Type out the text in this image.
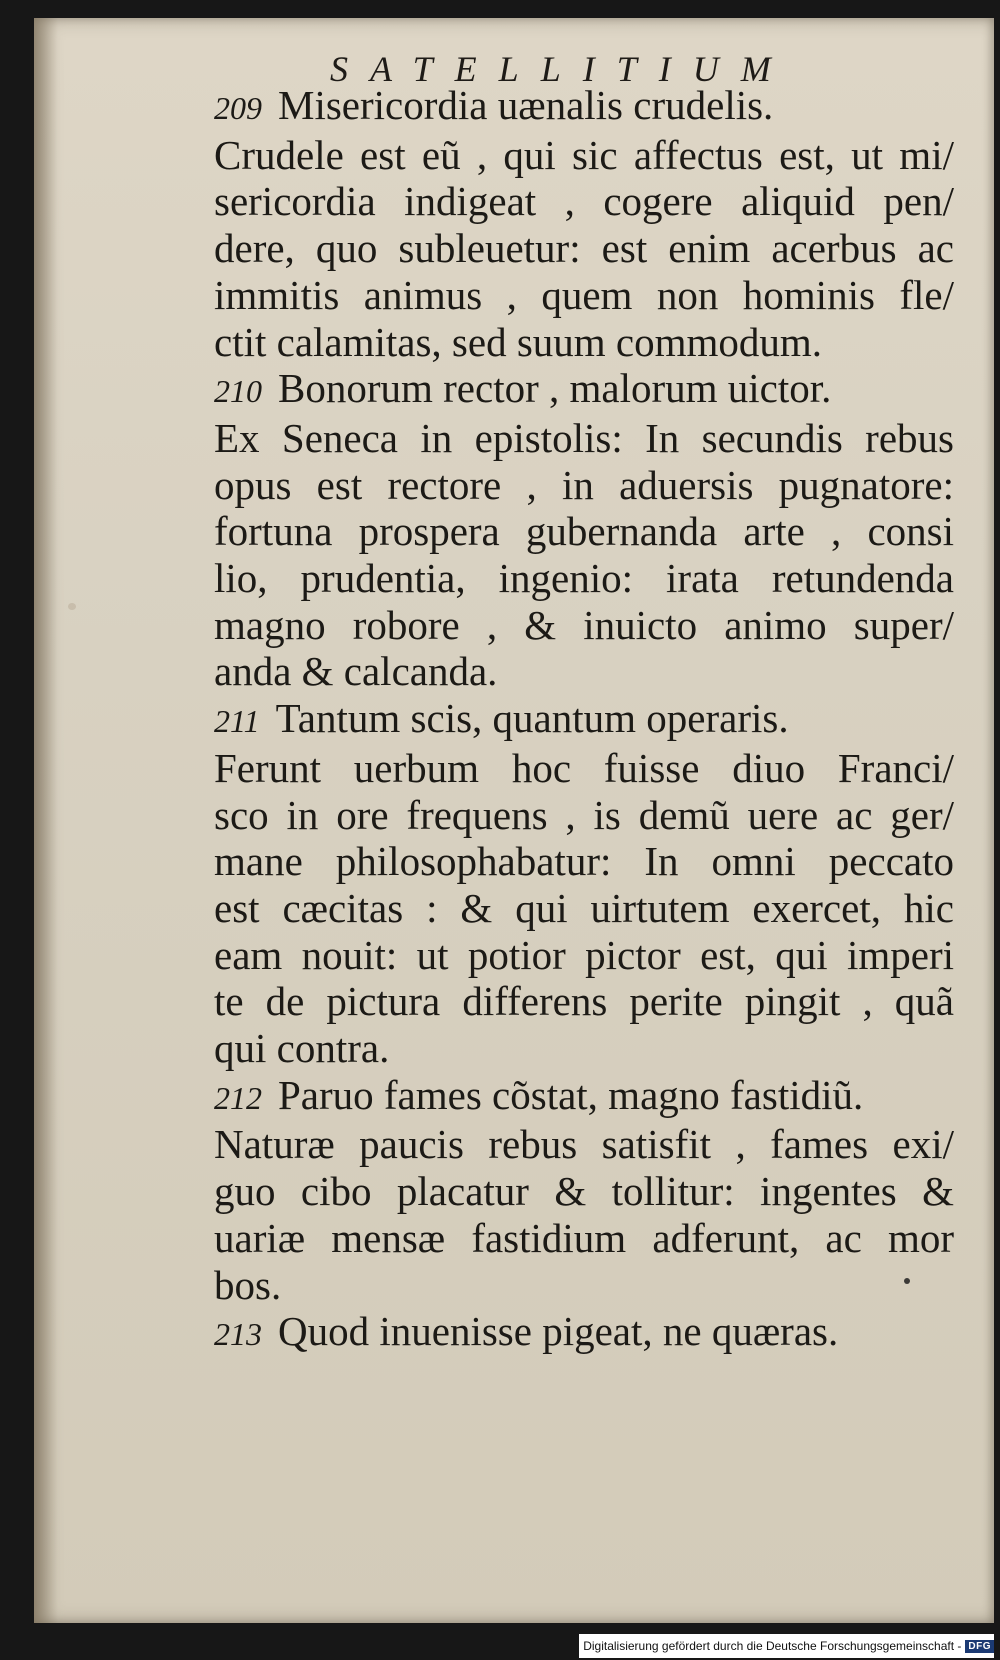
SATELLITIUM
209 Misericordia uænalis crudelis.
Crudele est eũ , qui sic affectus est, ut mi/
sericordia indigeat , cogere aliquid pen/
dere, quo subleuetur: est enim acerbus ac
immitis animus , quem non hominis fle/
ctit calamitas, sed suum commodum.
210 Bonorum rector , malorum uictor.
Ex Seneca in epistolis: In secundis rebus
opus est rectore , in aduersis pugnatore:
fortuna prospera gubernanda arte , consi
lio, prudentia, ingenio: irata retundenda
magno robore , & inuicto animo super/
anda & calcanda.
211 Tantum scis, quantum operaris.
Ferunt uerbum hoc fuisse diuo Franci/
sco in ore frequens , is demũ uere ac ger/
mane philosophabatur: In omni peccato
est cæcitas : & qui uirtutem exercet, hic
eam nouit: ut potior pictor est, qui imperi
te de pictura differens perite pingit , quã
qui contra.
212 Paruo fames cõstat, magno fastidiũ.
Naturæ paucis rebus satisfit , fames exi/
guo cibo placatur & tollitur: ingentes &
uariæ mensæ fastidium adferunt, ac mor
bos.
213 Quod inuenisse pigeat, ne quæras.
Digitalisierung gefördert durch die Deutsche Forschungsgemeinschaft - DFG
